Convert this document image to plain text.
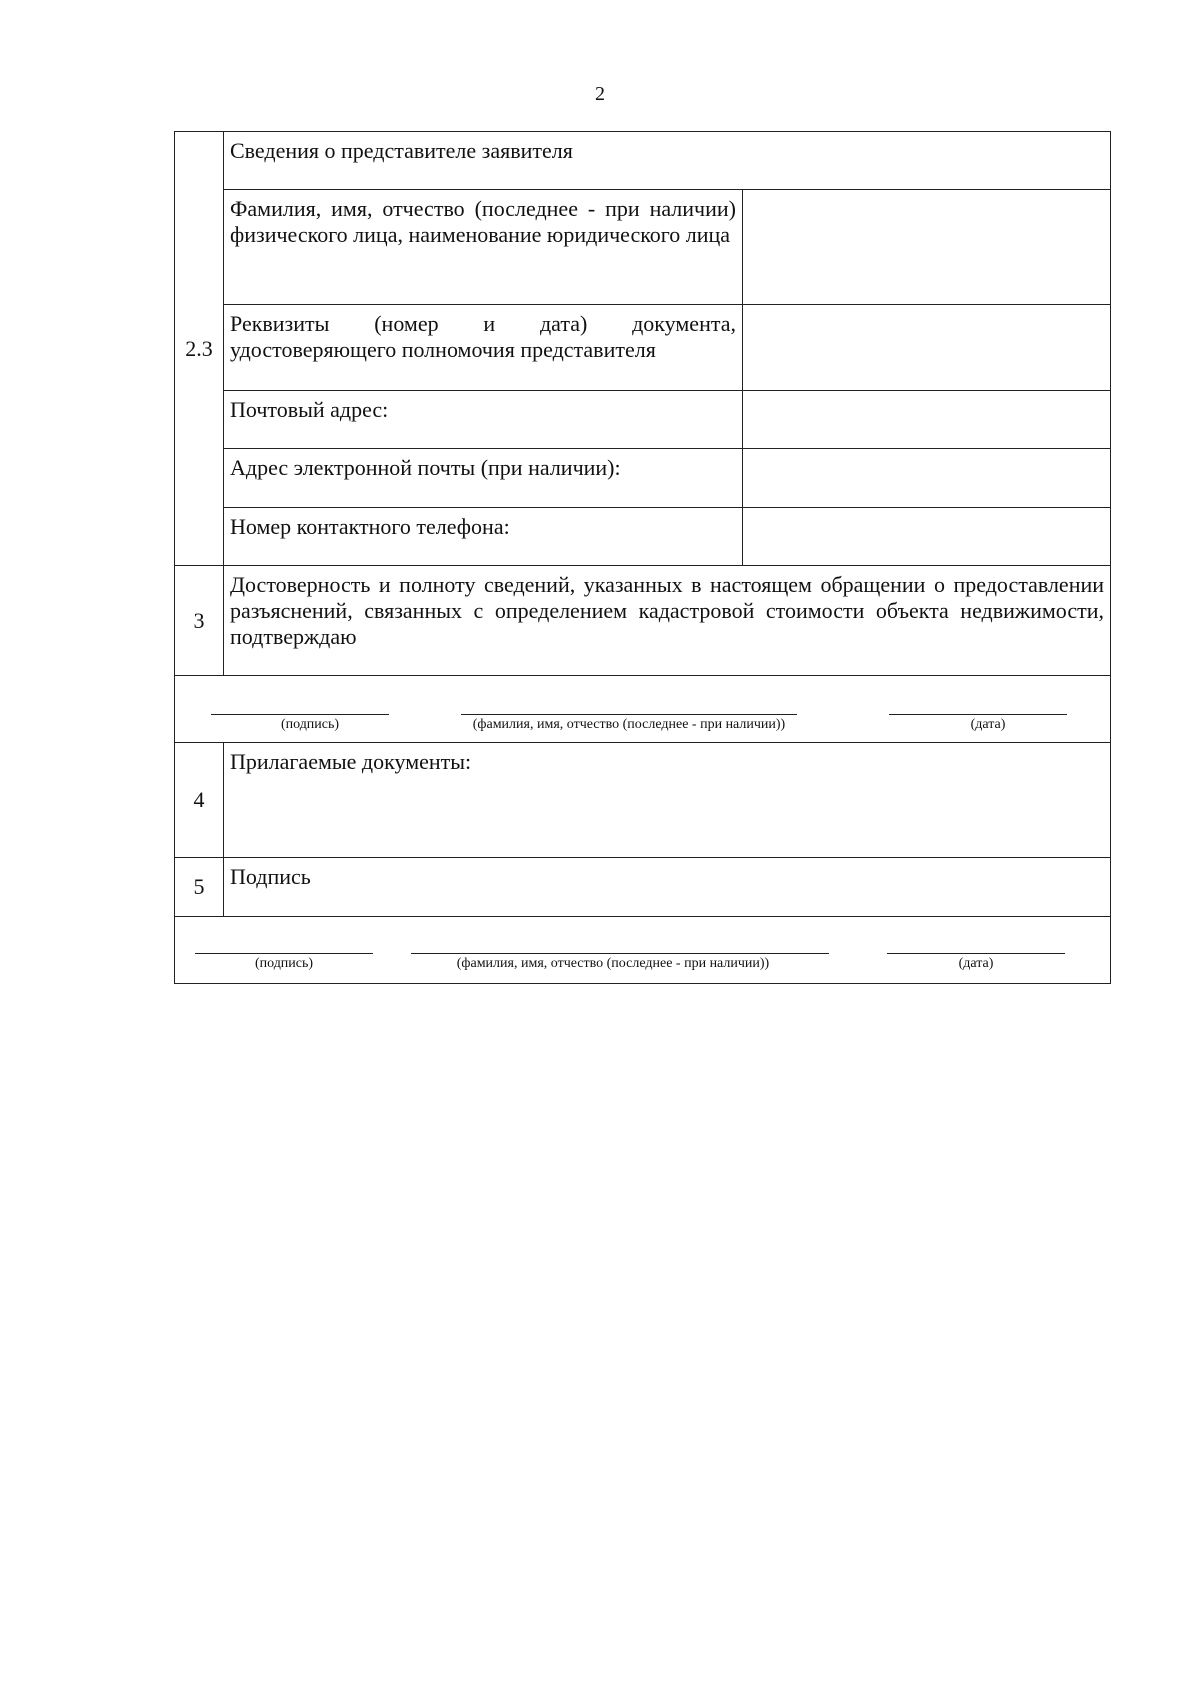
2
2.3	Сведения о представителе заявителя	
	Фамилия, имя, отчество (последнее - при наличии) физического лица, наименование юридического лица	
	Реквизиты (номер и дата) документа, удостоверяющего полномочия представителя	
	Почтовый адрес:	
	Адрес электронной почты (при наличии):	
	Номер контактного телефона:	
3	Достоверность и полноту сведений, указанных в настоящем обращении о предоставлении разъяснений, связанных с определением кадастровой стоимости объекта недвижимости, подтверждаю	

(подпись) (фамилия, имя, отчество (последнее - при наличии)) (дата)		

4	Прилагаемые документы:	
5	Подпись	

(подпись) (фамилия, имя, отчество (последнее - при наличии)) (дата)		
